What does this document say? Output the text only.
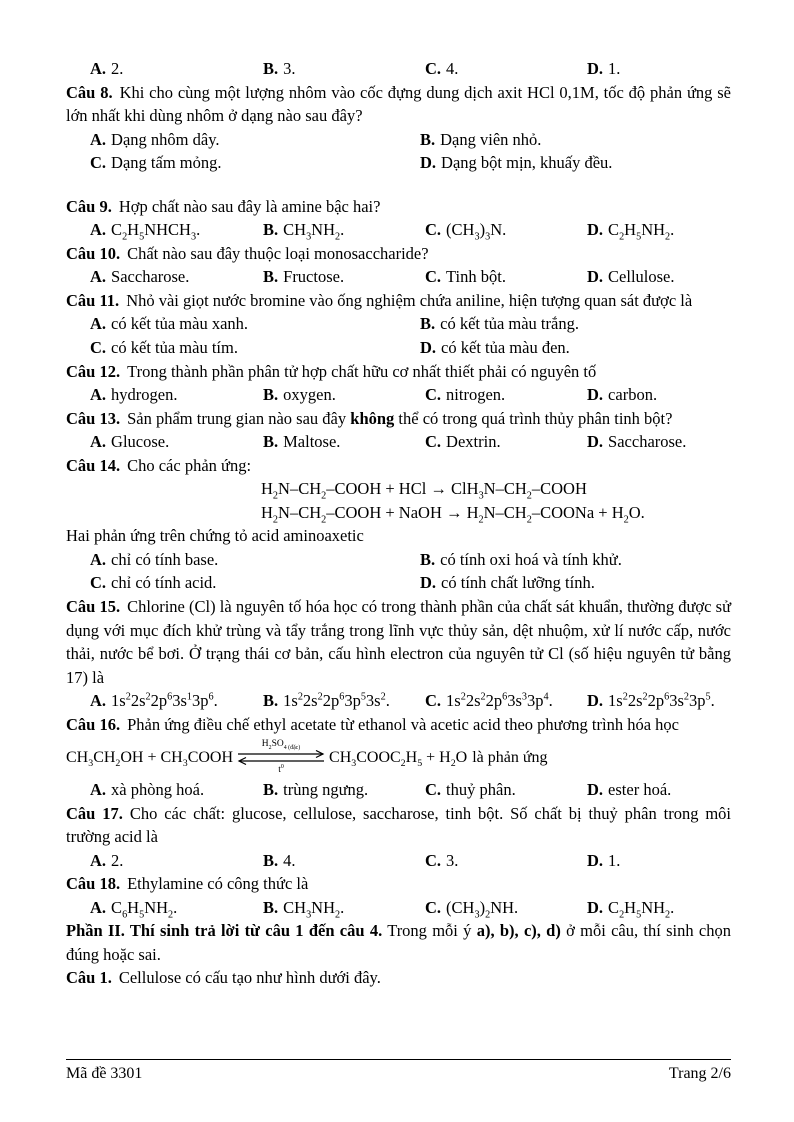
A. 2.	B. 3.	C. 4.	D. 1.

Câu 8. Khi cho cùng một lượng nhôm vào cốc đựng dung dịch axit HCl 0,1M, tốc độ phản ứng sẽ lớn nhất khi dùng nhôm ở dạng nào sau đây?

A. Dạng nhôm dây.	B. Dạng viên nhỏ.
C. Dạng tấm mỏng.	D. Dạng bột mịn, khuấy đều.

Câu 9. Hợp chất nào sau đây là amine bậc hai?

A. $C_2H_5NHCH_3$.	B. $CH_3NH_2$.	C. $(CH_3)_3N$.	D. $C_2H_5NH_2$.

Câu 10. Chất nào sau đây thuộc loại monosaccharide?

A. Saccharose.	B. Fructose.	C. Tinh bột.	D. Cellulose.

Câu 11. Nhỏ vài giọt nước bromine vào ống nghiệm chứa aniline, hiện tượng quan sát được là

A. có kết tủa màu xanh.	B. có kết tủa màu trắng.
C. có kết tủa màu tím.	D. có kết tủa màu đen.

Câu 12. Trong thành phần phân tử hợp chất hữu cơ nhất thiết phải có nguyên tố

A. hydrogen.	B. oxygen.	C. nitrogen.	D. carbon.

Câu 13. Sản phẩm trung gian nào sau đây không thể có trong quá trình thủy phân tinh bột?

A. Glucose.	B. Maltose.	C. Dextrin.	D. Saccharose.

Câu 14. Cho các phản ứng:

$H_2N-CH_2$–COOH + HCl → $ClH_3N-CH_2$–COOH

$H_2N-CH_2$–COOH + NaOH → $H_2N-CH_2$–COONa + $H_2O$.

Hai phản ứng trên chứng tỏ acid aminoaxetic

A. chỉ có tính base.	B. có tính oxi hoá và tính khử.
C. chỉ có tính acid.	D. có tính chất lưỡng tính.

Câu 15. Chlorine (Cl) là nguyên tố hóa học có trong thành phần của chất sát khuẩn, thường được sử dụng với mục đích khử trùng và tẩy trắng trong lĩnh vực thủy sản, dệt nhuộm, xử lí nước cấp, nước thải, nước bể bơi. Ở trạng thái cơ bản, cấu hình electron của nguyên tử Cl (số hiệu nguyên tử bằng 17) là

A. $1s^22s^22p^63s^13p^6$.	B. $1s^22s^22p^63p^53s^2$.	C. $1s^22s^22p^63s^33p^4$.	D. $1s^22s^22p^63s^23p^5$.

Câu 16. Phản ứng điều chế ethyl acetate từ ethanol và acetic acid theo phương trình hóa học

$CH_3CH_2OH$ + $CH_3COOH$
$H_2SO_{4 (đặc)}$
$t^0$
$CH_3COOC_2H_5 + H_2O$ là phản ứng
A. xà phòng hoá.	B. trùng ngưng.	C. thuỷ phân.	D. ester hoá.

Câu 17. Cho các chất: glucose, cellulose, saccharose, tinh bột. Số chất bị thuỷ phân trong môi trường acid là

A. 2.	B. 4.	C. 3.	D. 1.

Câu 18. Ethylamine có công thức là

A. $C_6H_5NH_2$.	B. $CH_3NH_2$.	C. $(CH_3)_2NH$.	D. $C_2H_5NH_2$.

Phần II. Thí sinh trả lời từ câu 1 đến câu 4. Trong mỗi ý a), b), c), d) ở mỗi câu, thí sinh chọn đúng hoặc sai.

Câu 1. Cellulose có cấu tạo như hình dưới đây.

Mã đề 3301	Trang 2/6
